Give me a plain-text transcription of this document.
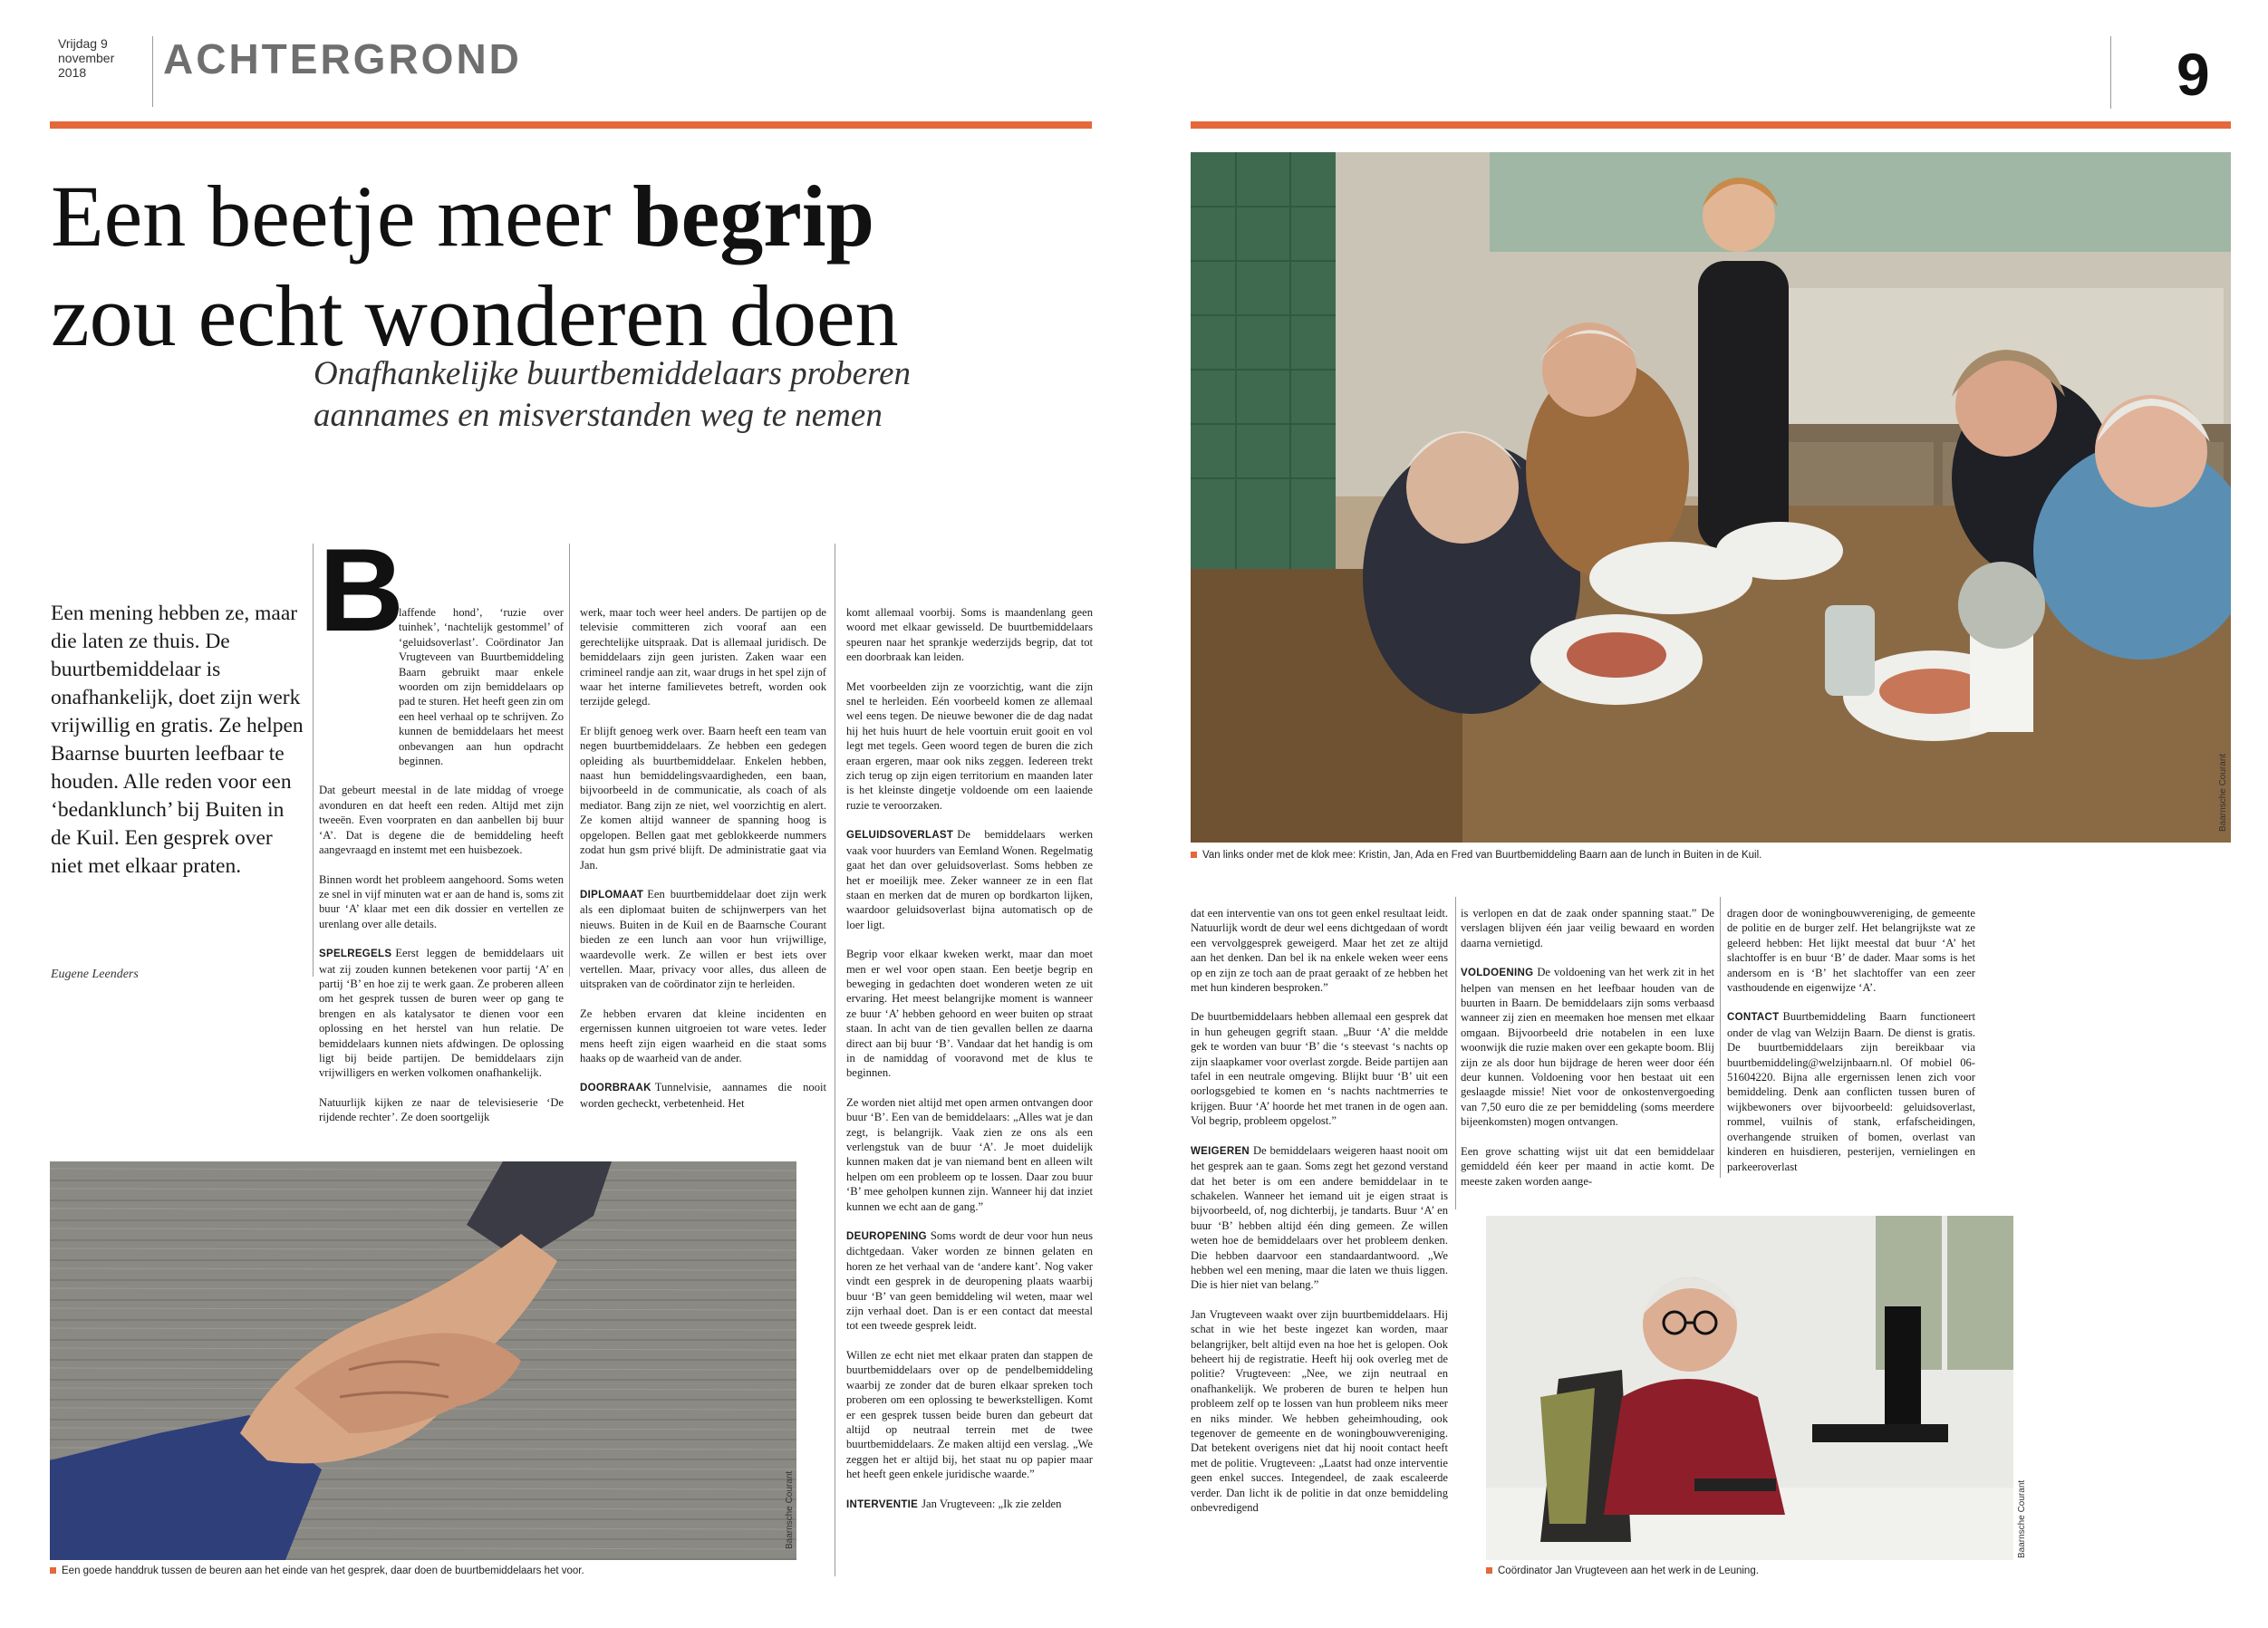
Vrijdag 9
november
2018	ACHTERGROND	9
Een beetje meer begrip
zou echt wonderen doen
Onafhankelijke buurtbemiddelaars proberen
aannames en misverstanden weg te nemen
Een mening hebben ze, maar die laten ze thuis. De buurtbemiddelaar is onafhankelijk, doet zijn werk vrijwillig en gratis. Ze helpen Baarnse buurten leefbaar te houden. Alle reden voor een ‘bedanklunch’ bij Buiten in de Kuil. Een gesprek over niet met elkaar praten.
Eugene Leenders
B

laffende hond’, ‘ruzie over tuinhek’, ‘nachtelijk gestommel’ of ‘geluidsoverlast’. Coördinator Jan Vrugteveen van Buurtbemiddeling Baarn gebruikt maar enkele woorden om zijn bemiddelaars op pad te sturen. Het heeft geen zin om een heel verhaal op te schrijven. Zo kunnen de bemiddelaars het meest onbevangen aan hun opdracht beginnen.

Dat gebeurt meestal in de late middag of vroege avonduren en dat heeft een reden. Altijd met zijn tweeën. Even voorpraten en dan aanbellen bij buur ‘A’. Dat is degene die de bemiddeling heeft aangevraagd en instemt met een huisbezoek.

Binnen wordt het probleem aangehoord. Soms weten ze snel in vijf minuten wat er aan de hand is, soms zit buur ‘A’ klaar met een dik dossier en vertellen ze urenlang over alle details.

SPELREGELS Eerst leggen de bemiddelaars uit wat zij zouden kunnen betekenen voor partij ‘A’ en partij ‘B’ en hoe zij te werk gaan. Ze proberen alleen om het gesprek tussen de buren weer op gang te brengen en als katalysator te dienen voor een oplossing en het herstel van hun relatie. De bemiddelaars kunnen niets afdwingen. De oplossing ligt bij beide partijen. De bemiddelaars zijn vrijwilligers en werken volkomen onafhankelijk.

Natuurlijk kijken ze naar de televisieserie ‘De rijdende rechter’. Ze doen soortgelijk

werk, maar toch weer heel anders. De partijen op de televisie committeren zich vooraf aan een gerechtelijke uitspraak. Dat is allemaal juridisch. De bemiddelaars zijn geen juristen. Zaken waar een crimineel randje aan zit, waar drugs in het spel zijn of waar het interne familievetes betreft, worden ook terzijde gelegd.

Er blijft genoeg werk over. Baarn heeft een team van negen buurtbemiddelaars. Ze hebben een gedegen opleiding als buurtbemiddelaar. Enkelen hebben, naast hun bemiddelingsvaardigheden, een baan, bijvoorbeeld in de communicatie, als coach of als mediator. Bang zijn ze niet, wel voorzichtig en alert. Ze komen altijd wanneer de spanning hoog is opgelopen. Bellen gaat met geblokkeerde nummers zodat hun gsm privé blijft. De administratie gaat via Jan.

DIPLOMAAT Een buurtbemiddelaar doet zijn werk als een diplomaat buiten de schijnwerpers van het nieuws. Buiten in de Kuil en de Baarnsche Courant bieden ze een lunch aan voor hun vrijwillige, waardevolle werk. Ze willen er best iets over vertellen. Maar, privacy voor alles, dus alleen de uitspraken van de coördinator zijn te herleiden.

Ze hebben ervaren dat kleine incidenten en ergernissen kunnen uitgroeien tot ware vetes. Ieder mens heeft zijn eigen waarheid en die staat soms haaks op de waarheid van de ander.

DOORBRAAK Tunnelvisie, aannames die nooit worden gecheckt, verbetenheid. Het

komt allemaal voorbij. Soms is maandenlang geen woord met elkaar gewisseld. De buurtbemiddelaars speuren naar het sprankje wederzijds begrip, dat tot een doorbraak kan leiden.

Met voorbeelden zijn ze voorzichtig, want die zijn snel te herleiden. Eén voorbeeld komen ze allemaal wel eens tegen. De nieuwe bewoner die de dag nadat hij het huis huurt de hele voortuin eruit gooit en vol legt met tegels. Geen woord tegen de buren die zich eraan ergeren, maar ook niks zeggen. Iedereen trekt zich terug op zijn eigen territorium en maanden later is het kleinste dingetje voldoende om een laaiende ruzie te veroorzaken.

GELUIDSOVERLAST De bemiddelaars werken vaak voor huurders van Eemland Wonen. Regelmatig gaat het dan over geluidsoverlast. Soms hebben ze het er moeilijk mee. Zeker wanneer ze in een flat staan en merken dat de muren op bordkarton lijken, waardoor geluidsoverlast bijna automatisch op de loer ligt.

Begrip voor elkaar kweken werkt, maar dan moet men er wel voor open staan. Een beetje begrip en beweging in gedachten doet wonderen weten ze uit ervaring. Het meest belangrijke moment is wanneer ze buur ‘A’ hebben gehoord en weer buiten op straat staan. In acht van de tien gevallen bellen ze daarna direct aan bij buur ‘B’. Vandaar dat het handig is om in de namiddag of vooravond met de klus te beginnen.

Ze worden niet altijd met open armen ontvangen door buur ‘B’. Een van de bemiddelaars: „Alles wat je dan zegt, is belangrijk. Vaak zien ze ons als een verlengstuk van de buur ‘A’. Je moet duidelijk kunnen maken dat je van niemand bent en alleen wilt helpen om een probleem op te lossen. Daar zou buur ‘B’ mee geholpen kunnen zijn. Wanneer hij dat inziet kunnen we echt aan de gang.”

DEUROPENING Soms wordt de deur voor hun neus dichtgedaan. Vaker worden ze binnen gelaten en horen ze het verhaal van de ‘andere kant’. Nog vaker vindt een gesprek in de deuropening plaats waarbij buur ‘B’ van geen bemiddeling wil weten, maar wel zijn verhaal doet. Dan is er een contact dat meestal tot een tweede gesprek leidt.

Willen ze echt niet met elkaar praten dan stappen de buurtbemiddelaars over op de pendelbemiddeling waarbij ze zonder dat de buren elkaar spreken toch proberen om een oplossing te bewerkstelligen. Komt er een gesprek tussen beide buren dan gebeurt dat altijd op neutraal terrein met de twee buurtbemiddelaars. Ze maken altijd een verslag. „We zeggen het er altijd bij, het staat nu op papier maar het heeft geen enkele juridische waarde.”

INTERVENTIE Jan Vrugteveen: „Ik zie zelden

dat een interventie van ons tot geen enkel resultaat leidt. Natuurlijk wordt de deur wel eens dichtgedaan of wordt een vervolggesprek geweigerd. Maar het zet ze altijd aan het denken. Dan bel ik na enkele weken weer eens op en zijn ze toch aan de praat geraakt of ze hebben het met hun kinderen besproken.”

De buurtbemiddelaars hebben allemaal een gesprek dat in hun geheugen gegrift staan. „Buur ‘A’ die meldde gek te worden van buur ‘B’ die ‘s steevast ‘s nachts op zijn slaapkamer voor overlast zorgde. Beide partijen aan tafel in een neutrale omgeving. Blijkt buur ‘B’ uit een oorlogsgebied te komen en ‘s nachts nachtmerries te krijgen. Buur ‘A’ hoorde het met tranen in de ogen aan. Vol begrip, probleem opgelost.”

WEIGEREN De bemiddelaars weigeren haast nooit om het gesprek aan te gaan. Soms zegt het gezond verstand dat het beter is om een andere bemiddelaar in te schakelen. Wanneer het iemand uit je eigen straat is bijvoorbeeld, of, nog dichterbij, je tandarts. Buur ‘A’ en buur ‘B’ hebben altijd één ding gemeen. Ze willen weten hoe de bemiddelaars over het probleem denken. Die hebben daarvoor een standaardantwoord. „We hebben wel een mening, maar die laten we thuis liggen. Die is hier niet van belang.”

Jan Vrugteveen waakt over zijn buurtbemiddelaars. Hij schat in wie het beste ingezet kan worden, maar belangrijker, belt altijd even na hoe het is gelopen. Ook beheert hij de registratie. Heeft hij ook overleg met de politie? Vrugteveen: „Nee, we zijn neutraal en onafhankelijk. We proberen de buren te helpen hun probleem zelf op te lossen van hun probleem niks meer en niks minder. We hebben geheimhouding, ook tegenover de gemeente en de woningbouwvereniging. Dat betekent overigens niet dat hij nooit contact heeft met de politie. Vrugteveen: „Laatst had onze interventie geen enkel succes. Integendeel, de zaak escaleerde verder. Dan licht ik de politie in dat onze bemiddeling onbevredigend

is verlopen en dat de zaak onder spanning staat.” De verslagen blijven één jaar veilig bewaard en worden daarna vernietigd.

VOLDOENING De voldoening van het werk zit in het helpen van mensen en het leefbaar houden van de buurten in Baarn. De bemiddelaars zijn soms verbaasd wanneer zij zien en meemaken hoe mensen met elkaar omgaan. Bijvoorbeeld drie notabelen in een luxe woonwijk die ruzie maken over een gekapte boom. Blij zijn ze als door hun bijdrage de heren weer door één deur kunnen. Voldoening voor hen bestaat uit een geslaagde missie! Niet voor de onkostenvergoeding van 7,50 euro die ze per bemiddeling (soms meerdere bijeenkomsten) mogen ontvangen.

Een grove schatting wijst uit dat een bemiddelaar gemiddeld één keer per maand in actie komt. De meeste zaken worden aange-

dragen door de woningbouwvereniging, de gemeente de politie en de burger zelf. Het belangrijkste wat ze geleerd hebben: Het lijkt meestal dat buur ‘A’ het slachtoffer is en buur ‘B’ de dader. Maar soms is het andersom en is ‘B’ het slachtoffer van een zeer vasthoudende en eigenwijze ‘A’.

CONTACT Buurtbemiddeling Baarn functioneert onder de vlag van Welzijn Baarn. De dienst is gratis. De buurtbemiddelaars zijn bereikbaar via buurtbemiddeling@welzijnbaarn.nl. Of mobiel 06-51604220. Bijna alle ergernissen lenen zich voor bemiddeling. Denk aan conflicten tussen buren of wijkbewoners over bijvoorbeeld: geluidsoverlast, rommel, vuilnis of stank, erfafscheidingen, overhangende struiken of bomen, overlast van kinderen en huisdieren, pesterijen, vernielingen en parkeeroverlast

Baarnsche Courant
Van links onder met de klok mee: Kristin, Jan, Ada en Fred van Buurtbemiddeling Baarn aan de lunch in Buiten in de Kuil.
Baarnsche Courant
Een goede handdruk tussen de beuren aan het einde van het gesprek, daar doen de buurtbemiddelaars het voor.
Baarnsche Courant
Coördinator Jan Vrugteveen aan het werk in de Leuning.
